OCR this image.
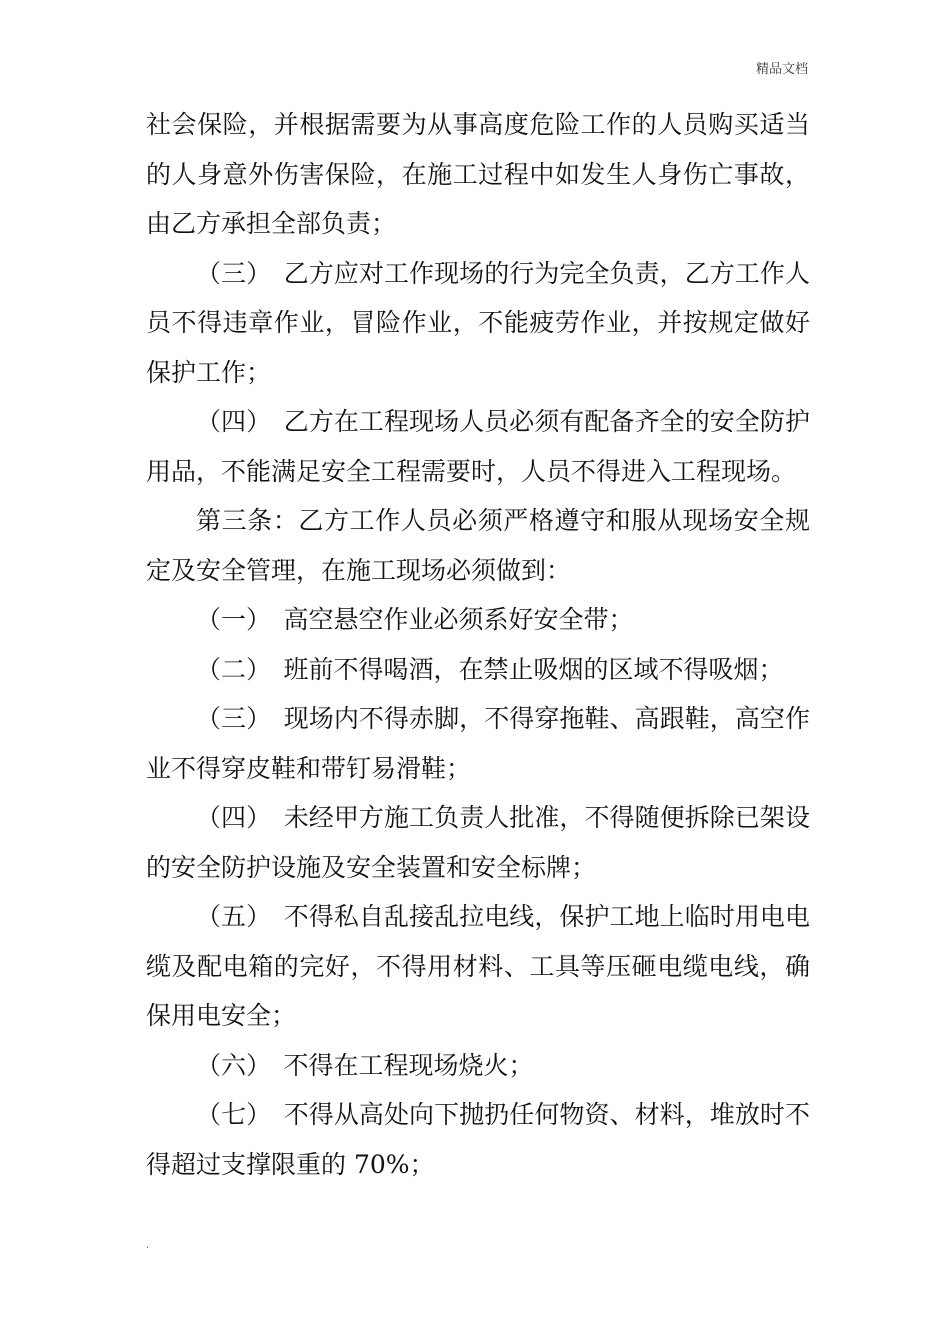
精品文档

社会保险，并根据需要为从事高度危险工作的人员购买适当的人身意外伤害保险，在施工过程中如发生人身伤亡事故，由乙方承担全部负责；

（三）　乙方应对工作现场的行为完全负责，乙方工作人员不得违章作业，冒险作业，不能疲劳作业，并按规定做好保护工作；

（四）　乙方在工程现场人员必须有配备齐全的安全防护用品，不能满足安全工程需要时，人员不得进入工程现场。

第三条：乙方工作人员必须严格遵守和服从现场安全规定及安全管理，在施工现场必须做到：

（一）　高空悬空作业必须系好安全带；

（二）　班前不得喝酒，在禁止吸烟的区域不得吸烟；

（三）　现场内不得赤脚，不得穿拖鞋、高跟鞋，高空作业不得穿皮鞋和带钉易滑鞋；

（四）　未经甲方施工负责人批准，不得随便拆除已架设的安全防护设施及安全装置和安全标牌；

（五）　不得私自乱接乱拉电线，保护工地上临时用电电缆及配电箱的完好，不得用材料、工具等压砸电缆电线，确保用电安全；

（六）　不得在工程现场烧火；

（七）　不得从高处向下抛扔任何物资、材料，堆放时不得超过支撑限重的 70%；

.
